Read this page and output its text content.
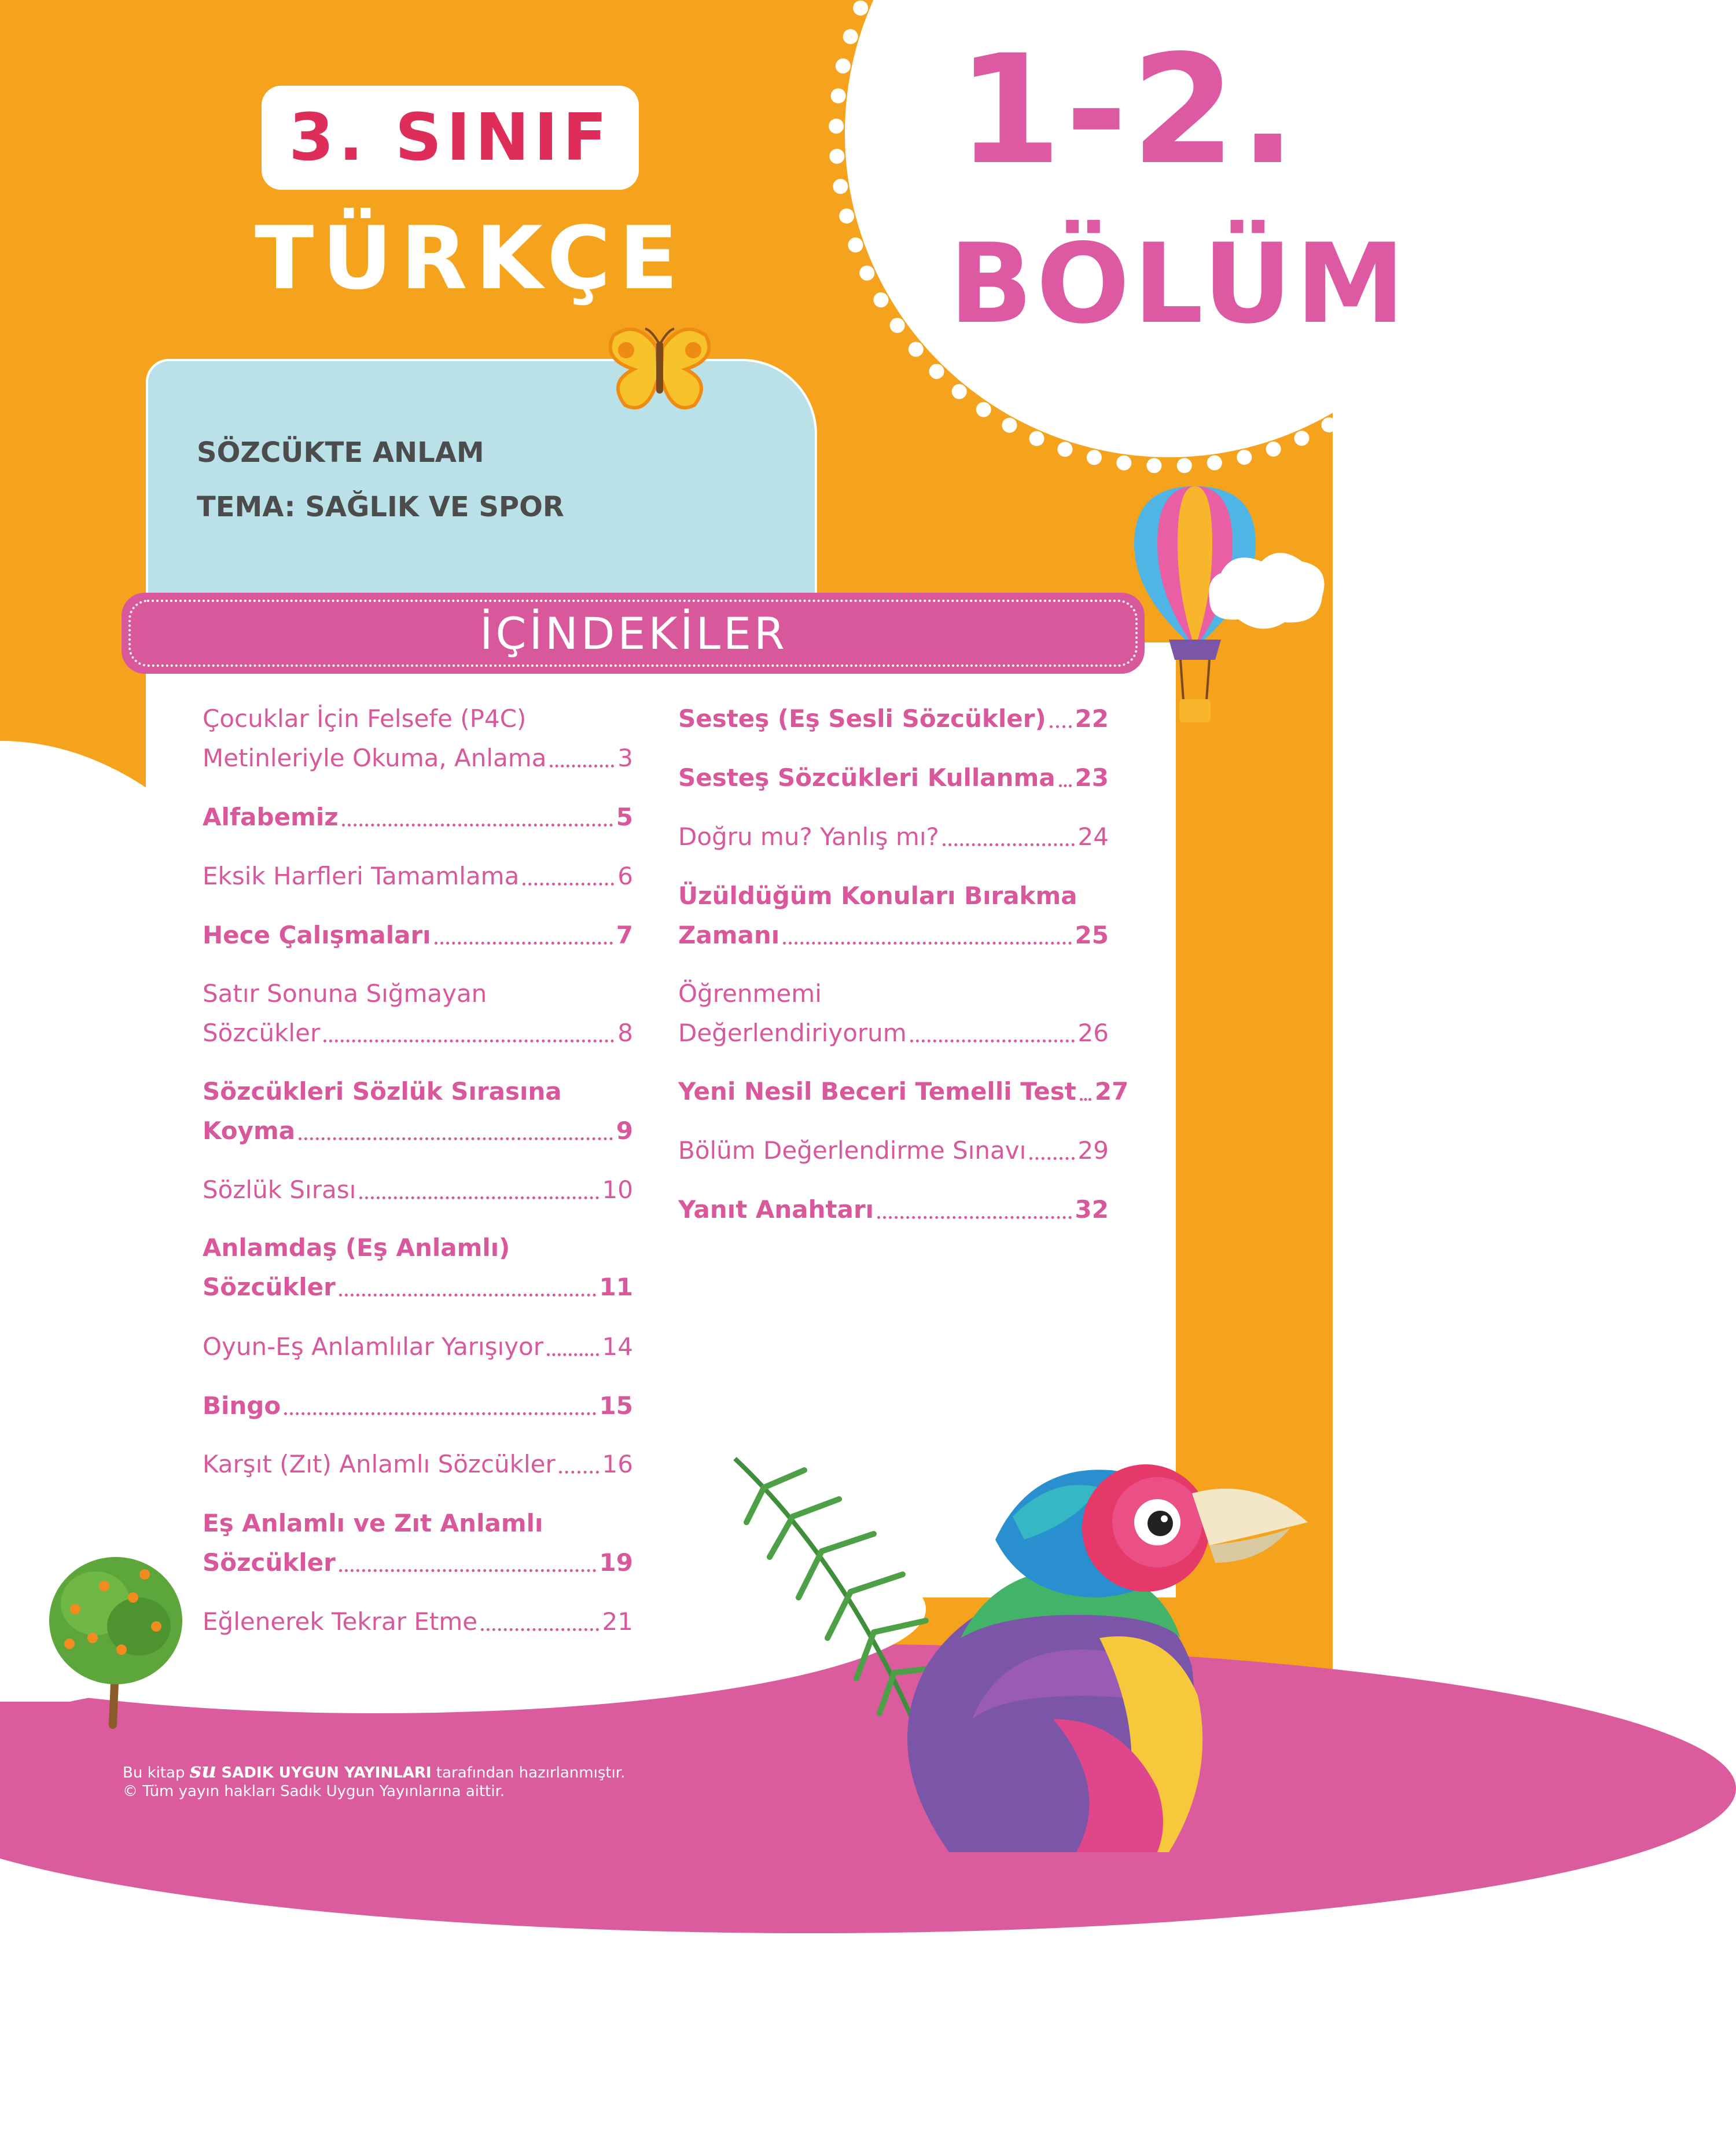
1-2.
BÖLÜM
3. SINIF
TÜRKÇE
SÖZCÜKTE ANLAM
TEMA: SAĞLIK VE SPOR
İÇİNDEKİLER
Çocuklar İçin Felsefe (P4C)
Metinleriyle Okuma, Anlama	3
Alfabemiz	5
Eksik Harfleri Tamamlama	6
Hece Çalışmaları	7
Satır Sonuna Sığmayan
Sözcükler	8
Sözcükleri Sözlük Sırasına
Koyma	9
Sözlük Sırası	10
Anlamdaş (Eş Anlamlı)
Sözcükler	11
Oyun-Eş Anlamlılar Yarışıyor 14
Bingo	15
Karşıt (Zıt) Anlamlı Sözcükler 16
Eş Anlamlı ve Zıt Anlamlı
Sözcükler	19
Eğlenerek Tekrar Etme	21
Sesteş (Eş Sesli Sözcükler) 22
Sesteş Sözcükleri Kullanma 23
Doğru mu? Yanlış mı?	24
Üzüldüğüm Konuları Bırakma
Zamanı	25
Öğrenmemi
Değerlendiriyorum	26
Yeni Nesil Beceri Temelli Test 27
Bölüm Değerlendirme Sınavı 29
Yanıt Anahtarı	32
Bu kitap su SADIK UYGUN YAYINLARI tarafından hazırlanmıştır.
© Tüm yayın hakları Sadık Uygun Yayınlarına aittir.
